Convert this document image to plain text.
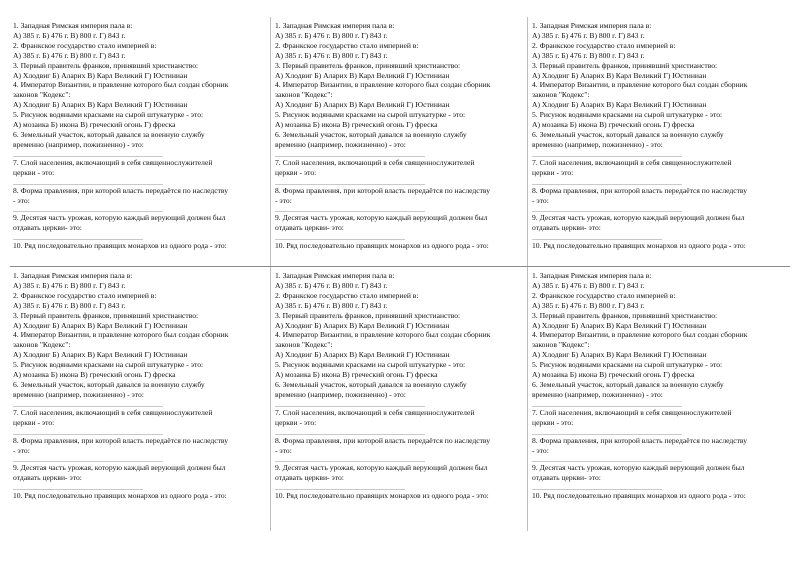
1. Западная Римская империя пала в:
А) 385 г. Б) 476 г. В) 800 г. Г) 843 г.
2. Франкское государство стало империей в:
А) 385 г. Б) 476 г. В) 800 г. Г) 843 г.
3. Первый правитель франков, принявший христианство:
А) Хлодвиг Б) Аларих В) Карл Великий Г) Юстиниан
4. Император Византии, в правление которого был создан сборник
законов "Кодекс":
А) Хлодвиг Б) Аларих В) Карл Великий Г) Юстиниан
5. Рисунок водяными красками на сырой штукатурке - это:
А) мозаика Б) икона В) греческий огонь Г) фреска
6. Земельный участок, который давался за военную службу
временно (например, пожизненно) - это:
7. Слой населения, включающий в себя священнослужителей
церкви - это:
8. Форма правления, при которой власть передаётся по наследству
- это:
9. Десятая часть урожая, которую каждый верующий должен был
отдавать церкви- это:
10. Ряд последовательно правящих монархов из одного рода - это:
1. Западная Римская империя пала в:
А) 385 г. Б) 476 г. В) 800 г. Г) 843 г.
2. Франкское государство стало империей в:
А) 385 г. Б) 476 г. В) 800 г. Г) 843 г.
3. Первый правитель франков, принявший христианство:
А) Хлодвиг Б) Аларих В) Карл Великий Г) Юстиниан
4. Император Византии, в правление которого был создан сборник
законов "Кодекс":
А) Хлодвиг Б) Аларих В) Карл Великий Г) Юстиниан
5. Рисунок водяными красками на сырой штукатурке - это:
А) мозаика Б) икона В) греческий огонь Г) фреска
6. Земельный участок, который давался за военную службу
временно (например, пожизненно) - это:
7. Слой населения, включающий в себя священнослужителей
церкви - это:
8. Форма правления, при которой власть передаётся по наследству
- это:
9. Десятая часть урожая, которую каждый верующий должен был
отдавать церкви- это:
10. Ряд последовательно правящих монархов из одного рода - это:
1. Западная Римская империя пала в:
А) 385 г. Б) 476 г. В) 800 г. Г) 843 г.
2. Франкское государство стало империей в:
А) 385 г. Б) 476 г. В) 800 г. Г) 843 г.
3. Первый правитель франков, принявший христианство:
А) Хлодвиг Б) Аларих В) Карл Великий Г) Юстиниан
4. Император Византии, в правление которого был создан сборник
законов "Кодекс":
А) Хлодвиг Б) Аларих В) Карл Великий Г) Юстиниан
5. Рисунок водяными красками на сырой штукатурке - это:
А) мозаика Б) икона В) греческий огонь Г) фреска
6. Земельный участок, который давался за военную службу
временно (например, пожизненно) - это:
7. Слой населения, включающий в себя священнослужителей
церкви - это:
8. Форма правления, при которой власть передаётся по наследству
- это:
9. Десятая часть урожая, которую каждый верующий должен был
отдавать церкви- это:
10. Ряд последовательно правящих монархов из одного рода - это:
1. Западная Римская империя пала в:
А) 385 г. Б) 476 г. В) 800 г. Г) 843 г.
2. Франкское государство стало империей в:
А) 385 г. Б) 476 г. В) 800 г. Г) 843 г.
3. Первый правитель франков, принявший христианство:
А) Хлодвиг Б) Аларих В) Карл Великий Г) Юстиниан
4. Император Византии, в правление которого был создан сборник
законов "Кодекс":
А) Хлодвиг Б) Аларих В) Карл Великий Г) Юстиниан
5. Рисунок водяными красками на сырой штукатурке - это:
А) мозаика Б) икона В) греческий огонь Г) фреска
6. Земельный участок, который давался за военную службу
временно (например, пожизненно) - это:
7. Слой населения, включающий в себя священнослужителей
церкви - это:
8. Форма правления, при которой власть передаётся по наследству
- это:
9. Десятая часть урожая, которую каждый верующий должен был
отдавать церкви- это:
10. Ряд последовательно правящих монархов из одного рода - это:
1. Западная Римская империя пала в:
А) 385 г. Б) 476 г. В) 800 г. Г) 843 г.
2. Франкское государство стало империей в:
А) 385 г. Б) 476 г. В) 800 г. Г) 843 г.
3. Первый правитель франков, принявший христианство:
А) Хлодвиг Б) Аларих В) Карл Великий Г) Юстиниан
4. Император Византии, в правление которого был создан сборник
законов "Кодекс":
А) Хлодвиг Б) Аларих В) Карл Великий Г) Юстиниан
5. Рисунок водяными красками на сырой штукатурке - это:
А) мозаика Б) икона В) греческий огонь Г) фреска
6. Земельный участок, который давался за военную службу
временно (например, пожизненно) - это:
7. Слой населения, включающий в себя священнослужителей
церкви - это:
8. Форма правления, при которой власть передаётся по наследству
- это:
9. Десятая часть урожая, которую каждый верующий должен был
отдавать церкви- это:
10. Ряд последовательно правящих монархов из одного рода - это:
1. Западная Римская империя пала в:
А) 385 г. Б) 476 г. В) 800 г. Г) 843 г.
2. Франкское государство стало империей в:
А) 385 г. Б) 476 г. В) 800 г. Г) 843 г.
3. Первый правитель франков, принявший христианство:
А) Хлодвиг Б) Аларих В) Карл Великий Г) Юстиниан
4. Император Византии, в правление которого был создан сборник
законов "Кодекс":
А) Хлодвиг Б) Аларих В) Карл Великий Г) Юстиниан
5. Рисунок водяными красками на сырой штукатурке - это:
А) мозаика Б) икона В) греческий огонь Г) фреска
6. Земельный участок, который давался за военную службу
временно (например, пожизненно) - это:
7. Слой населения, включающий в себя священнослужителей
церкви - это:
8. Форма правления, при которой власть передаётся по наследству
- это:
9. Десятая часть урожая, которую каждый верующий должен был
отдавать церкви- это:
10. Ряд последовательно правящих монархов из одного рода - это:
